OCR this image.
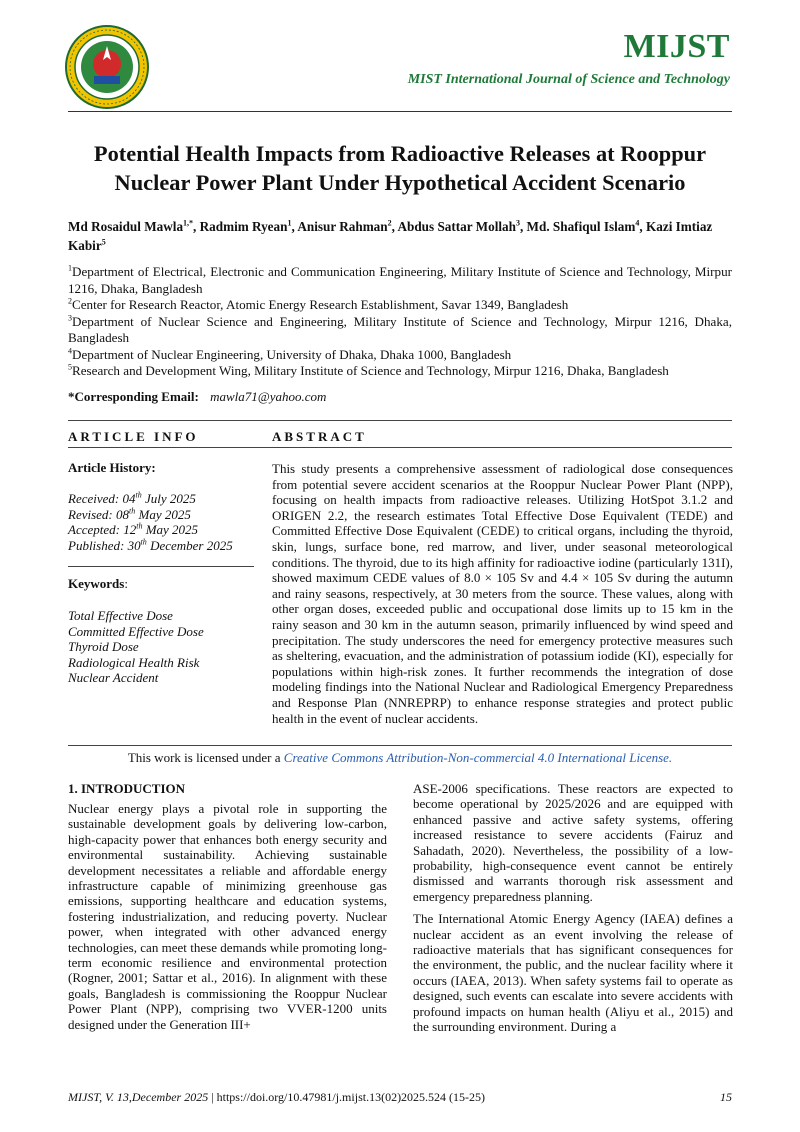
MIJST
MIST International Journal of Science and Technology
Potential Health Impacts from Radioactive Releases at Rooppur Nuclear Power Plant Under Hypothetical Accident Scenario
Md Rosaidul Mawla$^{1,*}$, Radmim Ryean$^1$, Anisur Rahman$^2$, Abdus Sattar Mollah$^3$, Md. Shafiqul Islam$^4$, Kazi Imtiaz Kabir$^5$
$^1$Department of Electrical, Electronic and Communication Engineering, Military Institute of Science and Technology, Mirpur 1216, Dhaka, Bangladesh
$^2$Center for Research Reactor, Atomic Energy Research Establishment, Savar 1349, Bangladesh
$^3$Department of Nuclear Science and Engineering, Military Institute of Science and Technology, Mirpur 1216, Dhaka, Bangladesh
$^4$Department of Nuclear Engineering, University of Dhaka, Dhaka 1000, Bangladesh
$^5$Research and Development Wing, Military Institute of Science and Technology, Mirpur 1216, Dhaka, Bangladesh
*Corresponding Email: mawla71@yahoo.com
ARTICLE INFO	ABSTRACT
Article History:
Received: 04th July 2025
Revised: 08th May 2025
Accepted: 12th May 2025
Published: 30th December 2025
Keywords:
Total Effective Dose
Committed Effective Dose
Thyroid Dose
Radiological Health Risk
Nuclear Accident
This study presents a comprehensive assessment of radiological dose consequences from potential severe accident scenarios at the Rooppur Nuclear Power Plant (NPP), focusing on health impacts from radioactive releases. Utilizing HotSpot 3.1.2 and ORIGEN 2.2, the research estimates Total Effective Dose Equivalent (TEDE) and Committed Effective Dose Equivalent (CEDE) to critical organs, including the thyroid, skin, lungs, surface bone, red marrow, and liver, under seasonal meteorological conditions. The thyroid, due to its high affinity for radioactive iodine (particularly 131I), showed maximum CEDE values of 8.0 × 105 Sv and 4.4 × 105 Sv during the autumn and rainy seasons, respectively, at 30 meters from the source. These values, along with other organ doses, exceeded public and occupational dose limits up to 15 km in the rainy season and 30 km in the autumn season, primarily influenced by wind speed and precipitation. The study underscores the need for emergency protective measures such as sheltering, evacuation, and the administration of potassium iodide (KI), especially for populations within high-risk zones. It further recommends the integration of dose modeling findings into the National Nuclear and Radiological Emergency Preparedness and Response Plan (NNREPRP) to enhance response strategies and protect public health in the event of nuclear accidents.
This work is licensed under a Creative Commons Attribution-Non-commercial 4.0 International License.
1. INTRODUCTION

Nuclear energy plays a pivotal role in supporting the sustainable development goals by delivering low-carbon, high-capacity power that enhances both energy security and environmental sustainability. Achieving sustainable development necessitates a reliable and affordable energy infrastructure capable of minimizing greenhouse gas emissions, supporting healthcare and education systems, fostering industrialization, and reducing poverty. Nuclear power, when integrated with other advanced energy technologies, can meet these demands while promoting long-term economic resilience and environmental protection (Rogner, 2001; Sattar et al., 2016). In alignment with these goals, Bangladesh is commissioning the Rooppur Nuclear Power Plant (NPP), comprising two VVER-1200 units designed under the Generation III+

ASE-2006 specifications. These reactors are expected to become operational by 2025/2026 and are equipped with enhanced passive and active safety systems, offering increased resistance to severe accidents (Fairuz and Sahadath, 2020). Nevertheless, the possibility of a low-probability, high-consequence event cannot be entirely dismissed and warrants thorough risk assessment and emergency preparedness planning.

The International Atomic Energy Agency (IAEA) defines a nuclear accident as an event involving the release of radioactive materials that has significant consequences for the environment, the public, and the nuclear facility where it occurs (IAEA, 2013). When safety systems fail to operate as designed, such events can escalate into severe accidents with profound impacts on human health (Aliyu et al., 2015) and the surrounding environment. During a

MIJST, V. 13,December 2025 | https://doi.org/10.47981/j.mijst.13(02)2025.524 (15-25)	15
